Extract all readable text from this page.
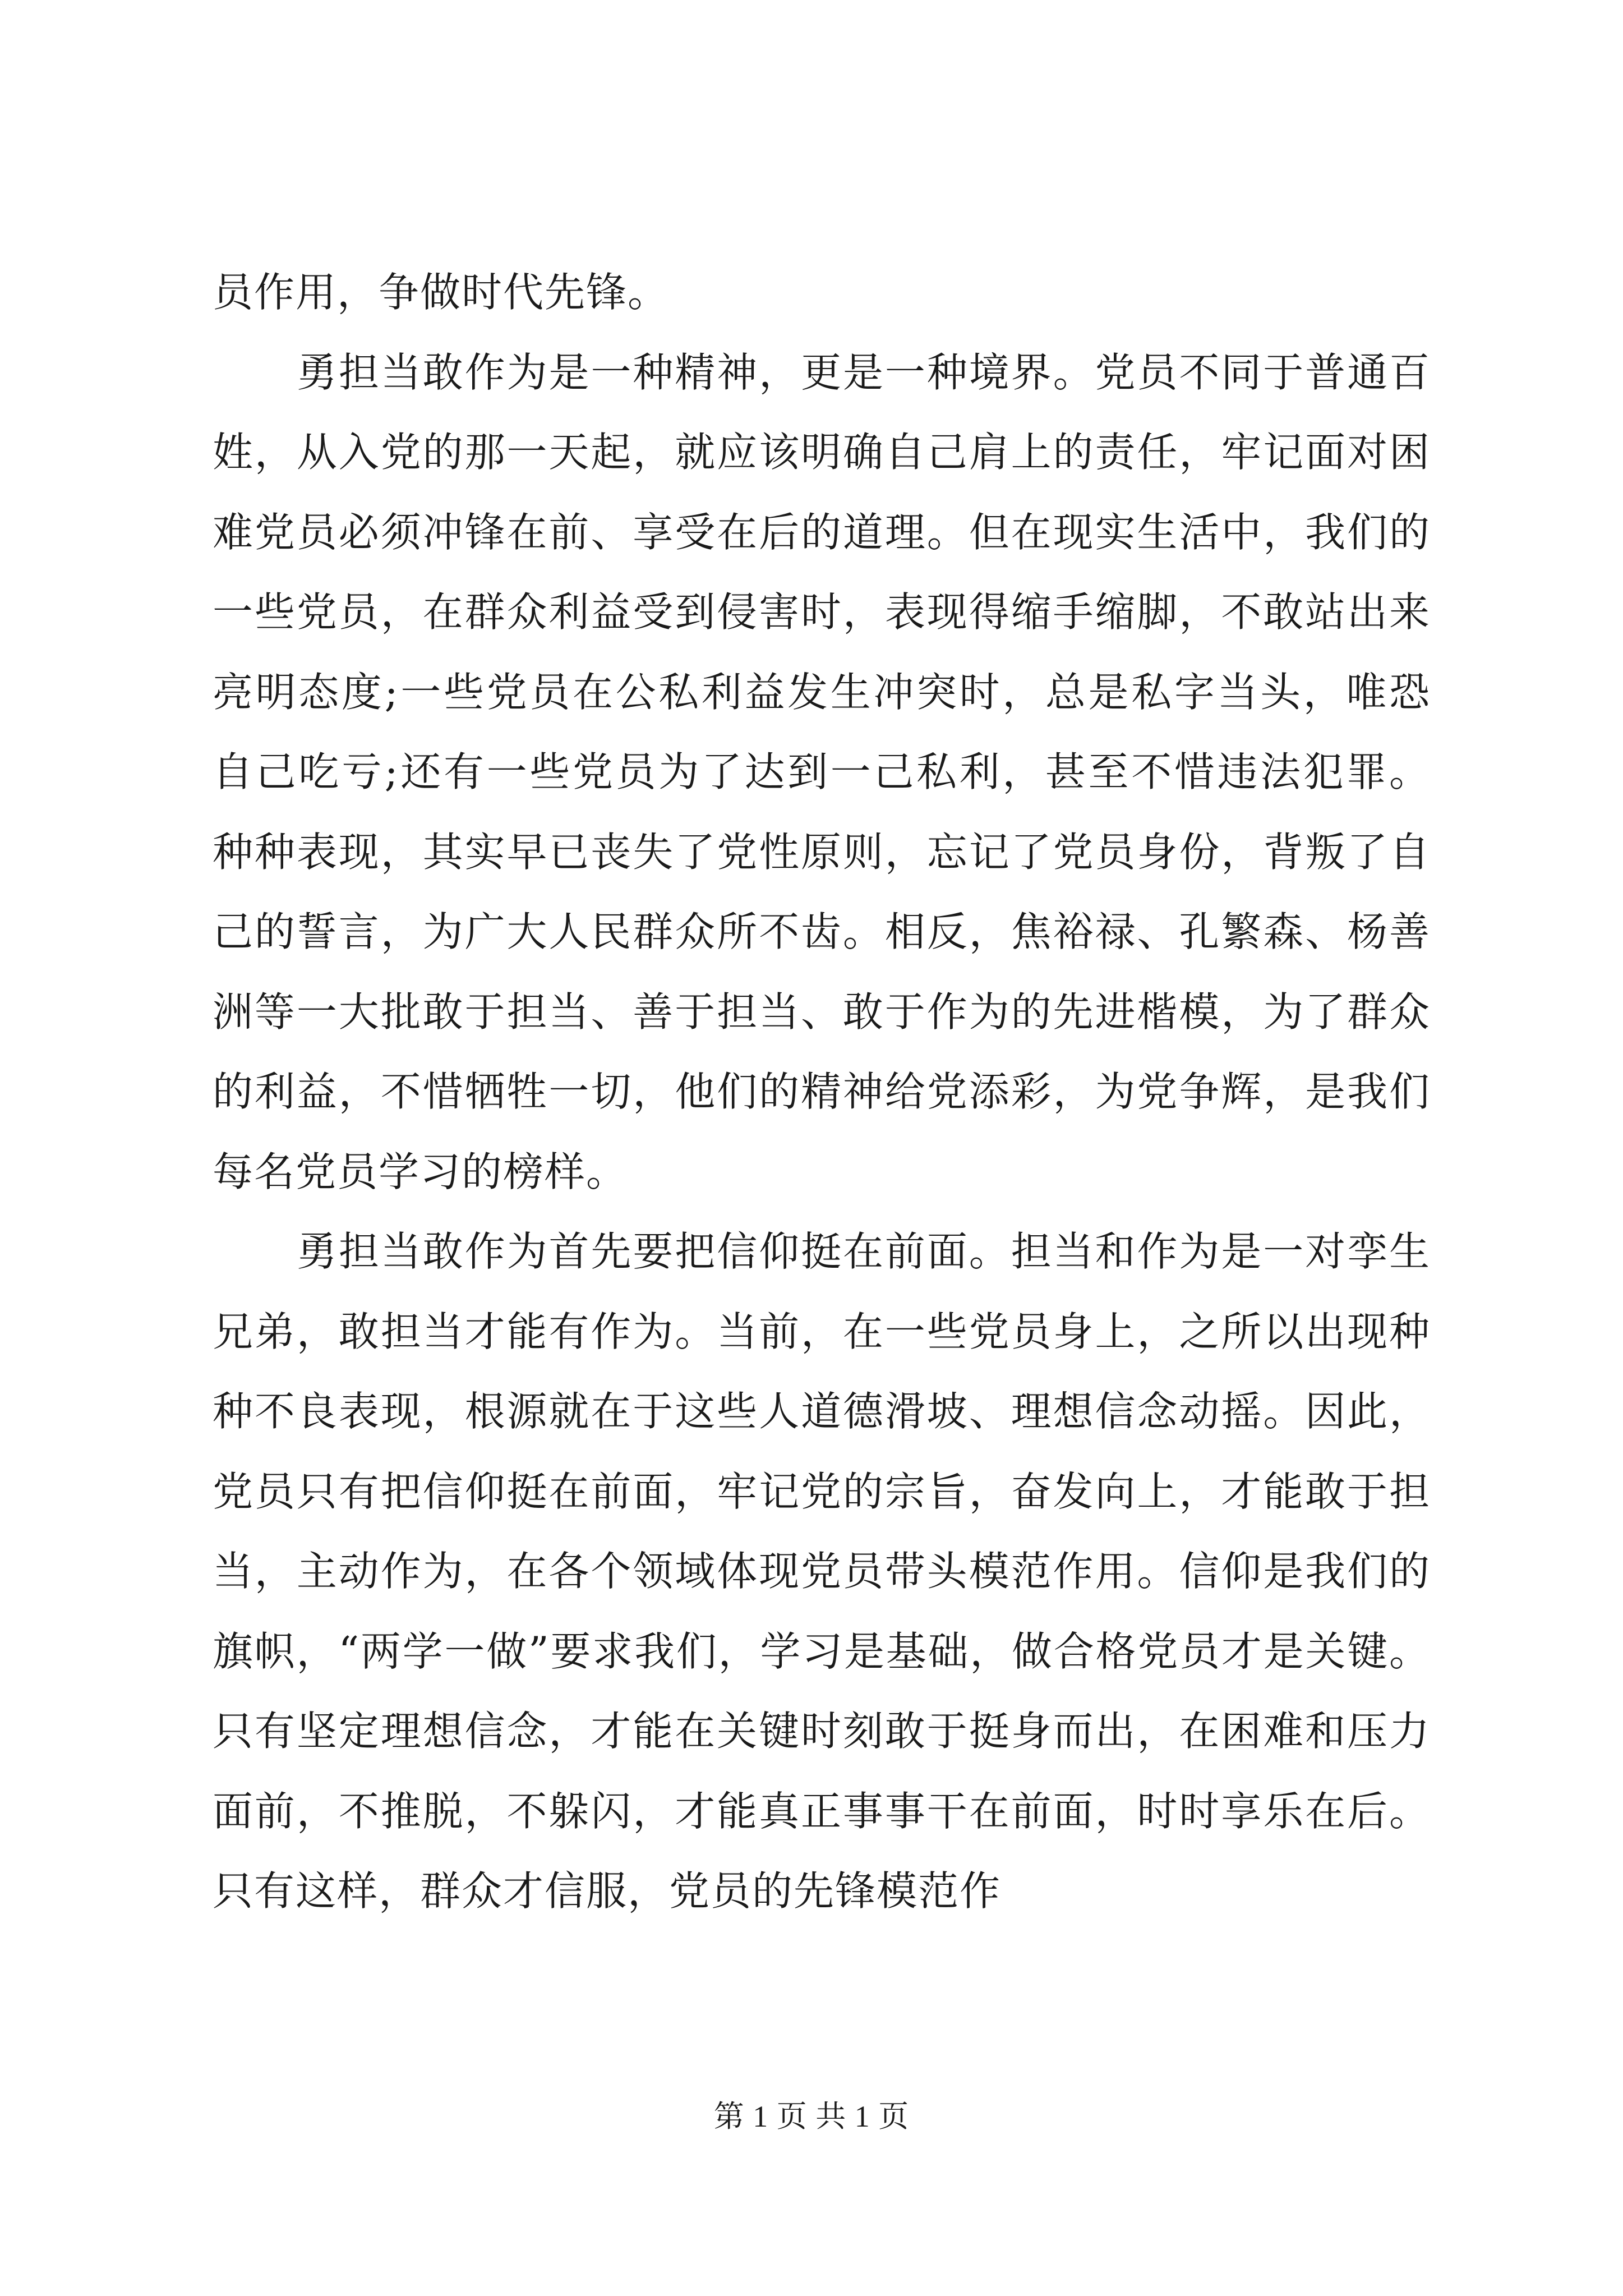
员作用，争做时代先锋。

勇担当敢作为是一种精神，更是一种境界。党员不同于普通百姓，从入党的那一天起，就应该明确自己肩上的责任，牢记面对困难党员必须冲锋在前、享受在后的道理。但在现实生活中，我们的一些党员，在群众利益受到侵害时，表现得缩手缩脚，不敢站出来亮明态度;一些党员在公私利益发生冲突时，总是私字当头，唯恐自己吃亏;还有一些党员为了达到一己私利，甚至不惜违法犯罪。种种表现，其实早已丧失了党性原则，忘记了党员身份，背叛了自己的誓言，为广大人民群众所不齿。相反，焦裕禄、孔繁森、杨善洲等一大批敢于担当、善于担当、敢于作为的先进楷模，为了群众的利益，不惜牺牲一切，他们的精神给党添彩，为党争辉，是我们每名党员学习的榜样。

勇担当敢作为首先要把信仰挺在前面。担当和作为是一对孪生兄弟，敢担当才能有作为。当前，在一些党员身上，之所以出现种种不良表现，根源就在于这些人道德滑坡、理想信念动摇。因此，党员只有把信仰挺在前面，牢记党的宗旨，奋发向上，才能敢于担当，主动作为，在各个领域体现党员带头模范作用。信仰是我们的旗帜，“两学一做”要求我们，学习是基础，做合格党员才是关键。只有坚定理想信念，才能在关键时刻敢于挺身而出，在困难和压力面前，不推脱，不躲闪，才能真正事事干在前面，时时享乐在后。只有这样，群众才信服，党员的先锋模范作

第 1 页 共 1 页
